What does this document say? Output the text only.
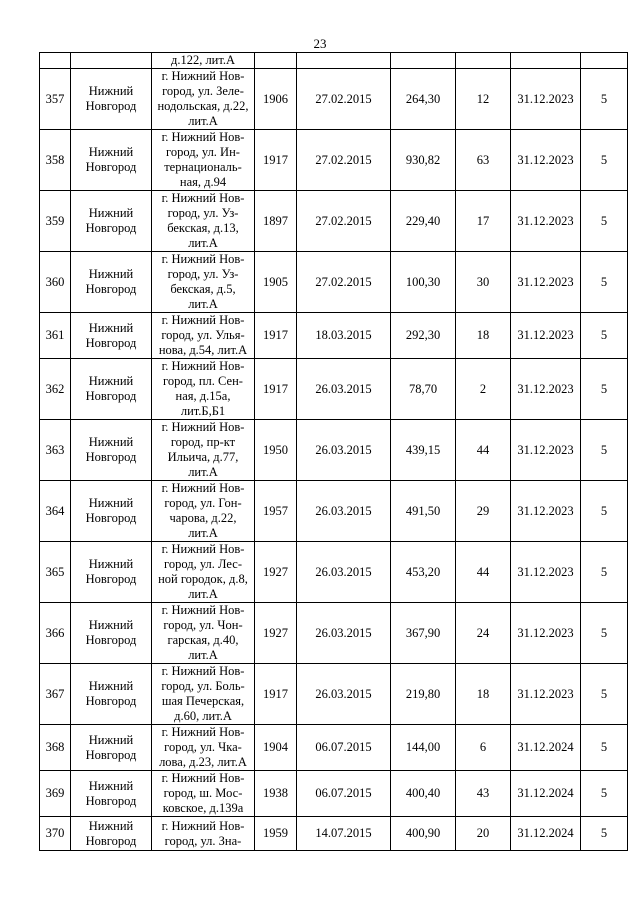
23
		д.122, лит.А						
357	Нижний Новгород	г. Нижний Нов-
город, ул. Зеле-
нодольская, д.22,
лит.А	1906	27.02.2015	264,30	12	31.12.2023	5
358	Нижний Новгород	г. Нижний Нов-
город, ул. Ин-
тернациональ-
ная, д.94	1917	27.02.2015	930,82	63	31.12.2023	5
359	Нижний Новгород	г. Нижний Нов-
город, ул. Уз-
бекская, д.13,
лит.А	1897	27.02.2015	229,40	17	31.12.2023	5
360	Нижний Новгород	г. Нижний Нов-
город, ул. Уз-
бекская, д.5,
лит.А	1905	27.02.2015	100,30	30	31.12.2023	5
361	Нижний Новгород	г. Нижний Нов-
город, ул. Улья-
нова, д.54, лит.А	1917	18.03.2015	292,30	18	31.12.2023	5
362	Нижний Новгород	г. Нижний Нов-
город, пл. Сен-
ная, д.15а,
лит.Б,Б1	1917	26.03.2015	78,70	2	31.12.2023	5
363	Нижний Новгород	г. Нижний Нов-
город, пр-кт
Ильича, д.77,
лит.А	1950	26.03.2015	439,15	44	31.12.2023	5
364	Нижний Новгород	г. Нижний Нов-
город, ул. Гон-
чарова, д.22,
лит.А	1957	26.03.2015	491,50	29	31.12.2023	5
365	Нижний Новгород	г. Нижний Нов-
город, ул. Лес-
ной городок, д.8,
лит.А	1927	26.03.2015	453,20	44	31.12.2023	5
366	Нижний Новгород	г. Нижний Нов-
город, ул. Чон-
гарская, д.40,
лит.А	1927	26.03.2015	367,90	24	31.12.2023	5
367	Нижний Новгород	г. Нижний Нов-
город, ул. Боль-
шая Печерская,
д.60, лит.А	1917	26.03.2015	219,80	18	31.12.2023	5
368	Нижний Новгород	г. Нижний Нов-
город, ул. Чка-
лова, д.23, лит.А	1904	06.07.2015	144,00	6	31.12.2024	5
369	Нижний Новгород	г. Нижний Нов-
город, ш. Мос-
ковское, д.139а	1938	06.07.2015	400,40	43	31.12.2024	5
370	Нижний Новгород	г. Нижний Нов-
город, ул. Зна-	1959	14.07.2015	400,90	20	31.12.2024	5
